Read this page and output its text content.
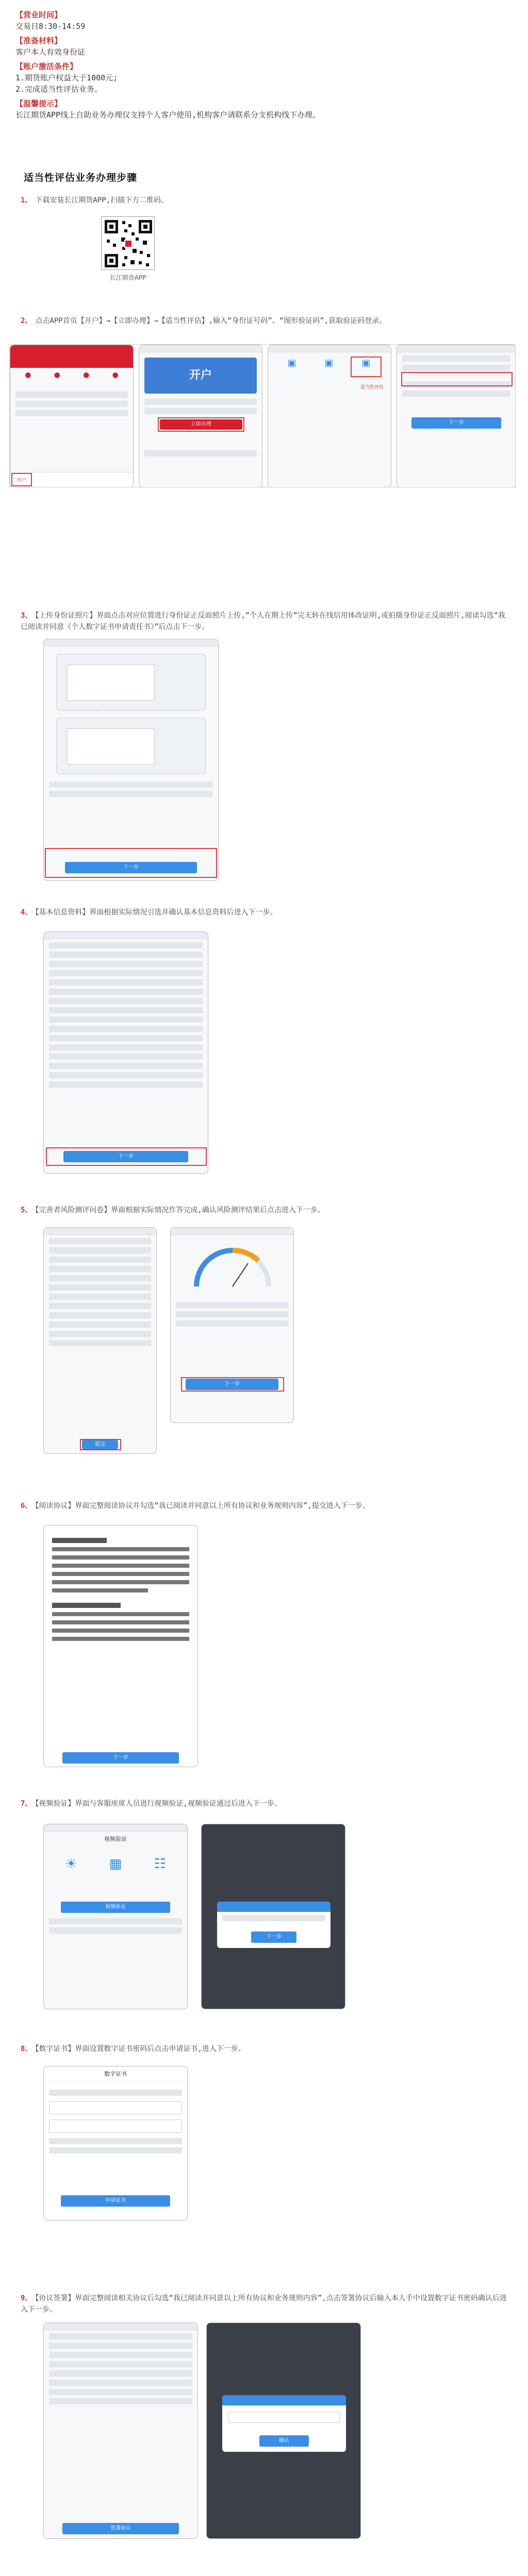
【营业时间】
交易日8:30-14:59
【准备材料】
客户本人有效身份证
【账户激活条件】
1.期货账户权益大于1000元;
2.完成适当性评估业务。
【温馨提示】
长江期货APP线上自助业务办理仅支持个人客户使用,机构客户请联系分支机构线下办理。
适当性评估业务办理步骤
1、 下载安装长江期货APP,扫描下方二维码。
长江期货APP
2、 点击APP首页【开户】→【立即办理】→【适当性评估】,输入“身份证号码”、“图形验证码”,获取验证码登录。
●	●	●	●
开户
开户
立即办理
▣	▣	▣
适当性评估
下一步
3、 【上传身份证照片】界面点击对应位置进行身份证正反面照片上传,“个人在期上传”完无转在线信用体改证明,或拍摄身份证正反面照片,阅读勾选“我已阅读并同意《个人数字证书申请责任书》”后点击下一步。
下一步
4、 【基本信息资料】界面根据实际情况引选并确认基本信息资料后进入下一步。
下一步
5、 【完善者风险测评问卷】界面根据实际情况作答完成,确认风险测评结果后点击进入下一步。
提交
下一步
6、 【阅读协议】界面完整阅读协议并勾选“我已阅读并同意以上所有协议和业务规则内容”,提交进入下一步。
下一步
7、 【视频验证】界面与客服座席人员进行视频验证,视频验证通过后进入下一步。
视频验证
☀ ▦ ☷
视频验证
下一步
8、 【数字证书】界面设置数字证书密码后点击申请证书,进入下一步。
数字证书
申请证书
9、 【协议签署】界面完整阅读相关协议后勾选“我已阅读并同意以上所有协议和业务规则内容”,点击签署协议后输入本人手中设置数字证书密码确认后进入下一步。
签署协议
确认
